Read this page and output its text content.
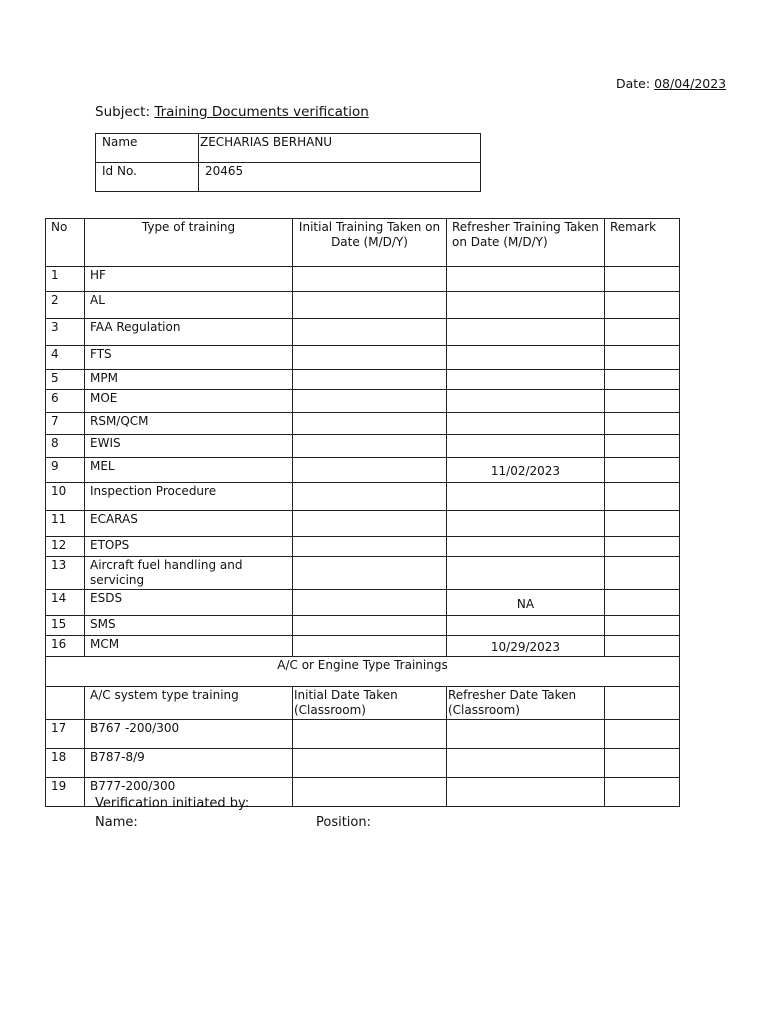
Date: 08/04/2023
Subject: Training Documents verification
Name	ZECHARIAS BERHANU
Id No.	20465
No	Type of training	Initial Training Taken on Date (M/D/Y)	Refresher Training Taken on Date (M/D/Y)	Remark
1	HF			
2	AL			
3	FAA Regulation			
4	FTS			
5	MPM			
6	MOE			
7	RSM/QCM			
8	EWIS			
9	MEL		11/02/2023	
10	Inspection Procedure			
11	ECARAS			
12	ETOPS			
13	Aircraft fuel handling and servicing			
14	ESDS		NA	
15	SMS			
16	MCM		10/29/2023	
A/C or Engine Type Trainings				
	A/C system type training	Initial Date Taken (Classroom)	Refresher Date Taken (Classroom)	
17	B767 -200/300			
18	B787-8/9			
19	B777-200/300			
Verification initiated by:
Name:	Position:
